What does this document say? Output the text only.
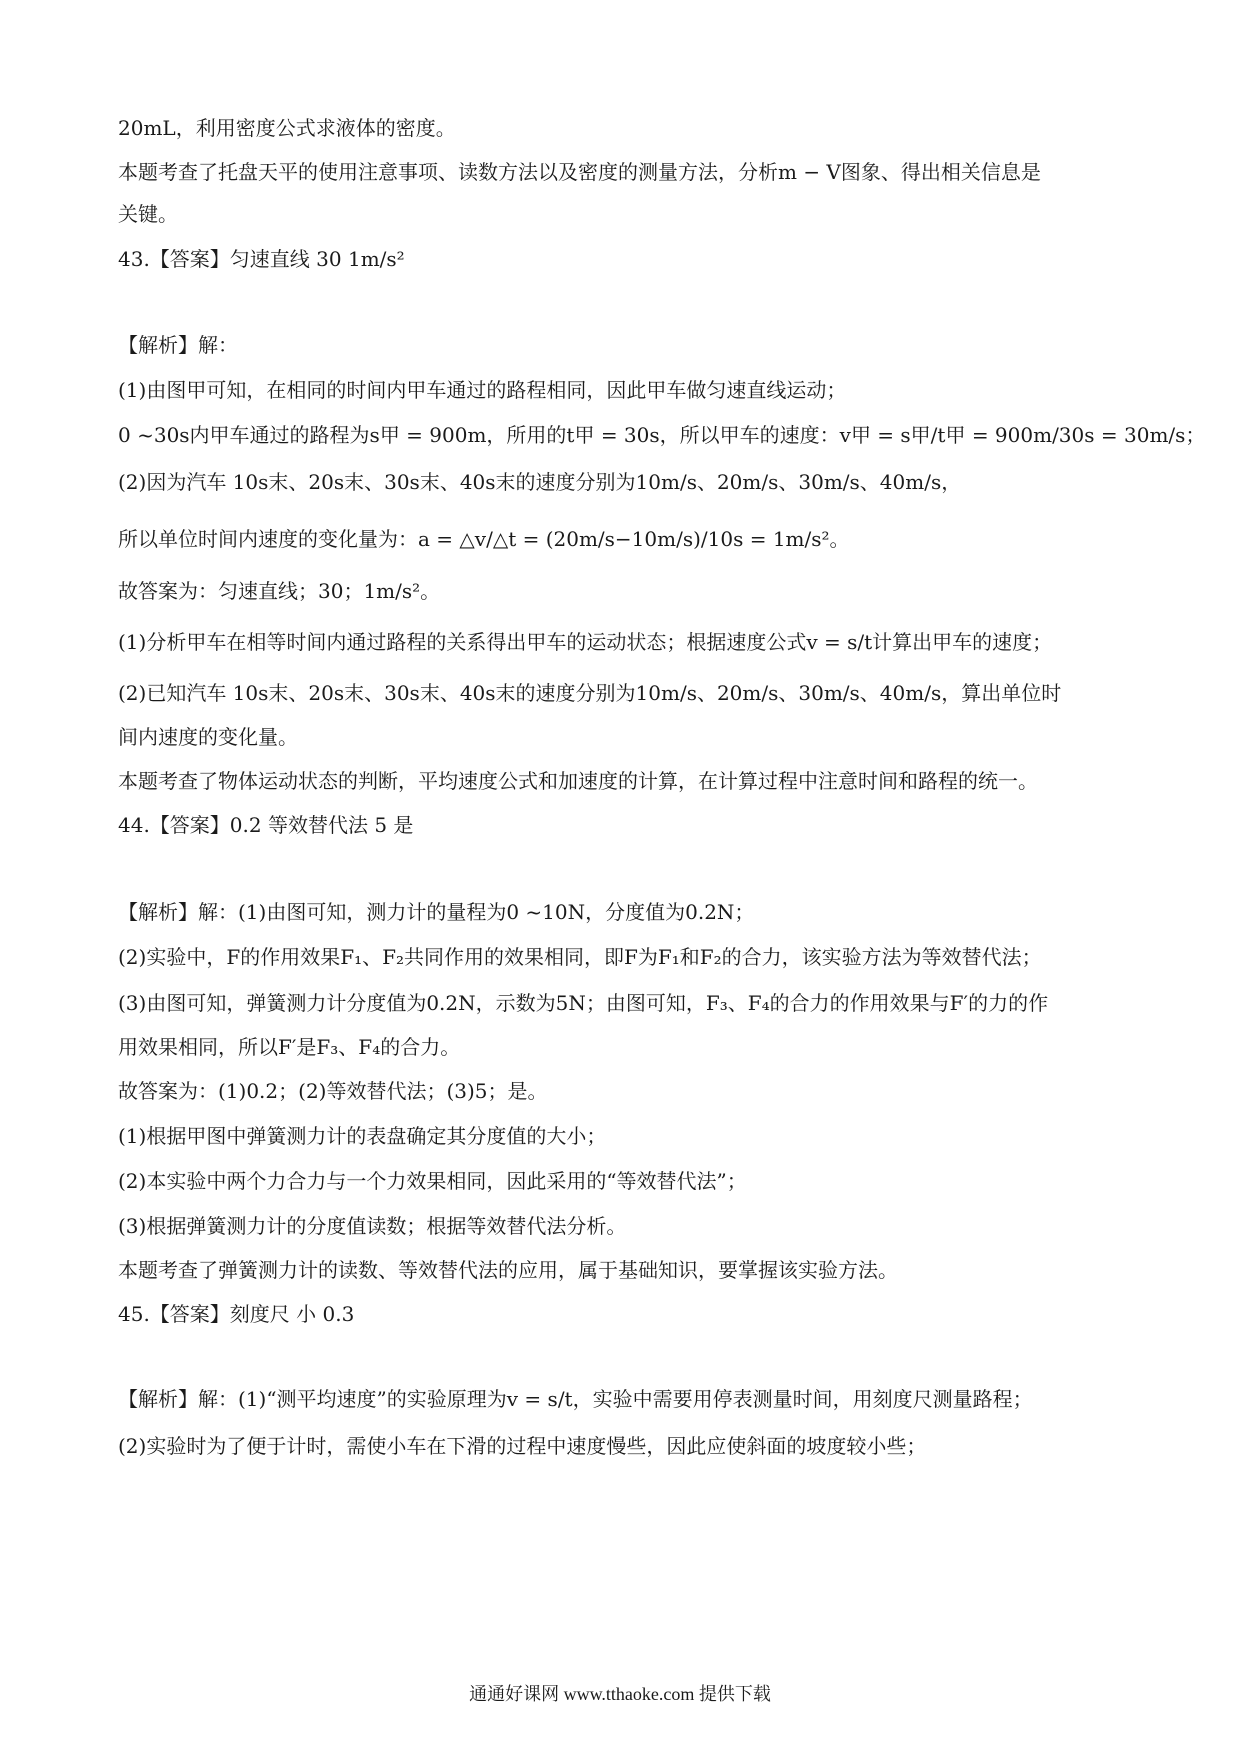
20mL，利用密度公式求液体的密度。
本题考查了托盘天平的使用注意事项、读数方法以及密度的测量方法，分析m − V图象、得出相关信息是
关键。
43.【答案】匀速直线 30 1m/s²
【解析】解：
(1)由图甲可知，在相同的时间内甲车通过的路程相同，因此甲车做匀速直线运动；
0 ~30s内甲车通过的路程为s甲 = 900m，所用的t甲 = 30s，所以甲车的速度：v甲 = s甲/t甲 = 900m/30s = 30m/s；
(2)因为汽车 10s末、20s末、30s末、40s末的速度分别为10m/s、20m/s、30m/s、40m/s，
所以单位时间内速度的变化量为：a = △v/△t = (20m/s−10m/s)/10s = 1m/s²。
故答案为：匀速直线；30；1m/s²。
(1)分析甲车在相等时间内通过路程的关系得出甲车的运动状态；根据速度公式v = s/t计算出甲车的速度；
(2)已知汽车 10s末、20s末、30s末、40s末的速度分别为10m/s、20m/s、30m/s、40m/s，算出单位时
间内速度的变化量。
本题考查了物体运动状态的判断，平均速度公式和加速度的计算，在计算过程中注意时间和路程的统一。
44.【答案】0.2 等效替代法 5 是
【解析】解：(1)由图可知，测力计的量程为0 ~10N，分度值为0.2N；
(2)实验中，F的作用效果F₁、F₂共同作用的效果相同，即F为F₁和F₂的合力，该实验方法为等效替代法；
(3)由图可知，弹簧测力计分度值为0.2N，示数为5N；由图可知，F₃、F₄的合力的作用效果与F′的力的作
用效果相同，所以F′是F₃、F₄的合力。
故答案为：(1)0.2；(2)等效替代法；(3)5；是。
(1)根据甲图中弹簧测力计的表盘确定其分度值的大小；
(2)本实验中两个力合力与一个力效果相同，因此采用的“等效替代法”；
(3)根据弹簧测力计的分度值读数；根据等效替代法分析。
本题考查了弹簧测力计的读数、等效替代法的应用，属于基础知识，要掌握该实验方法。
45.【答案】刻度尺 小 0.3
【解析】解：(1)“测平均速度”的实验原理为v = s/t，实验中需要用停表测量时间，用刻度尺测量路程；
(2)实验时为了便于计时，需使小车在下滑的过程中速度慢些，因此应使斜面的坡度较小些；
通通好课网 www.tthaoke.com 提供下载
